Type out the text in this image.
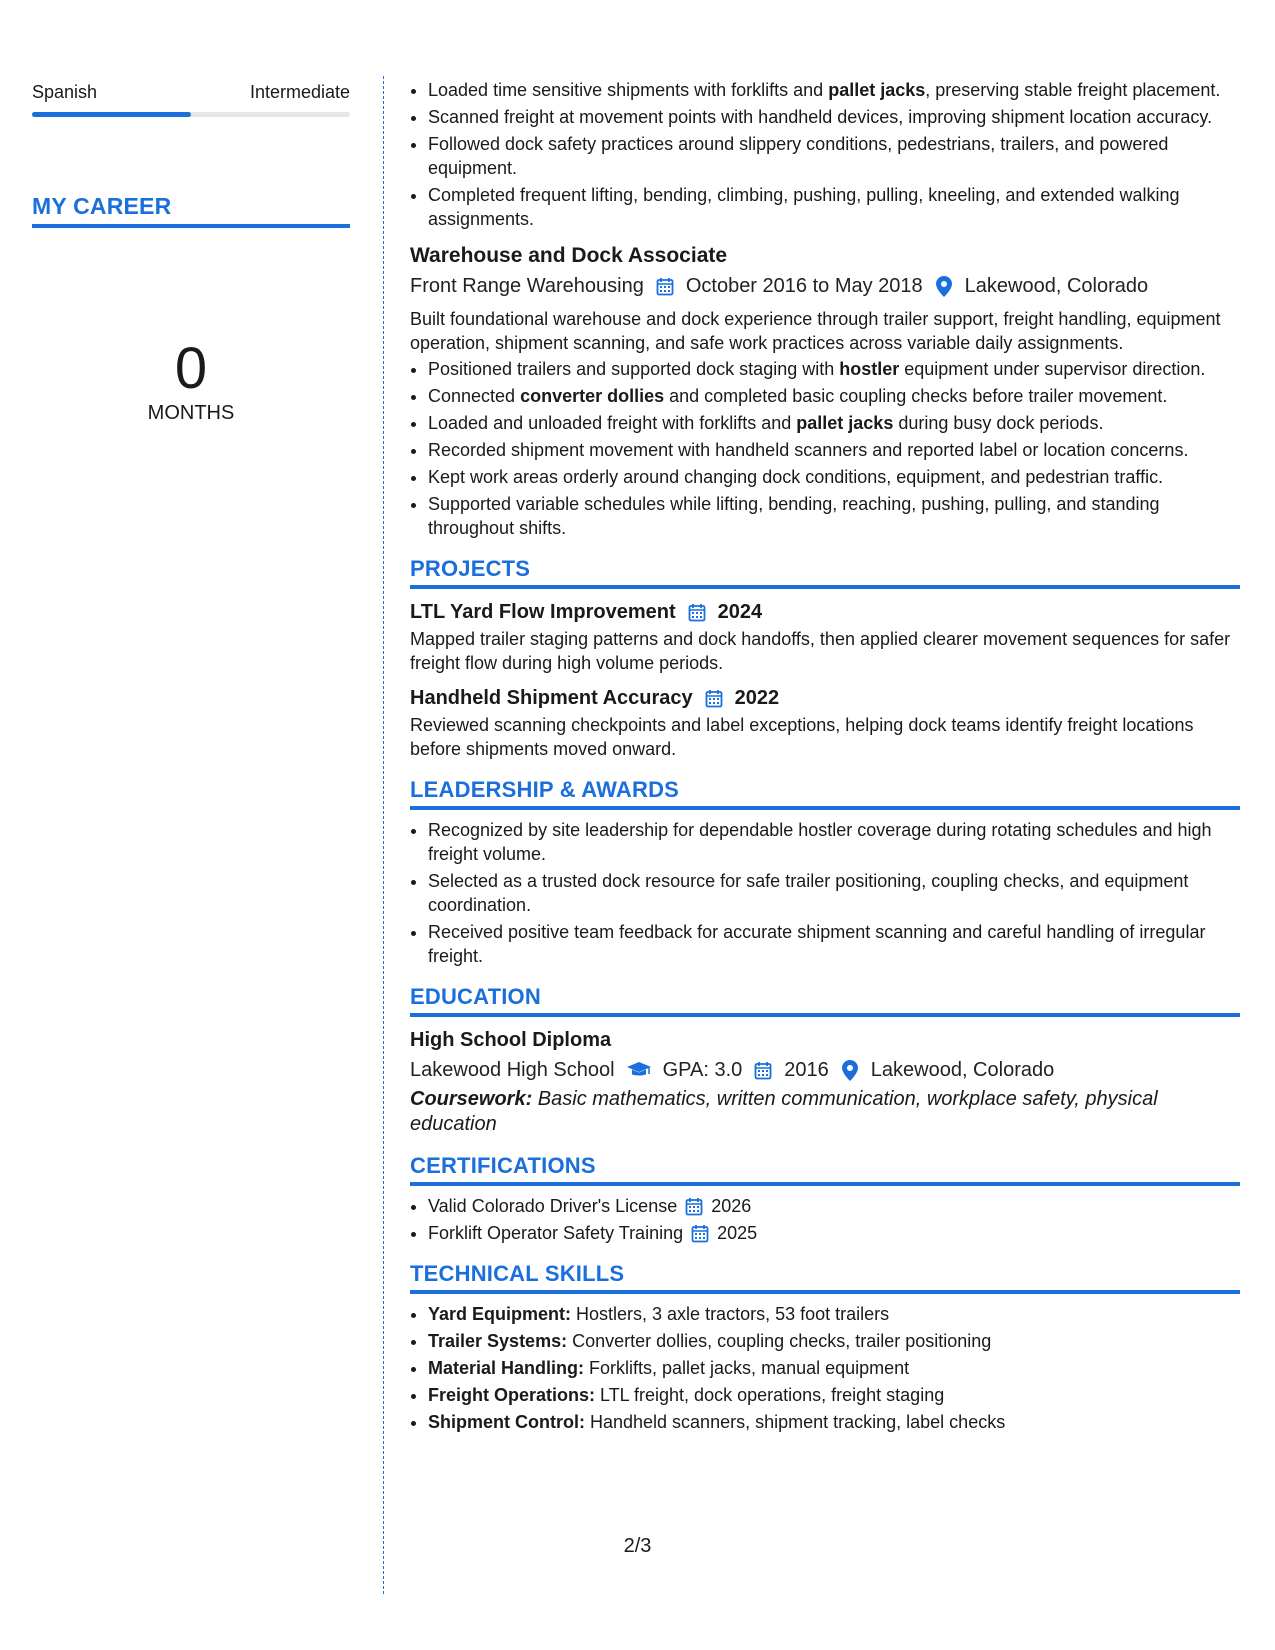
Spanish	Intermediate
MY CAREER
0
MONTHS
• Loaded time sensitive shipments with forklifts and pallet jacks, preserving stable freight placement.
• Scanned freight at movement points with handheld devices, improving shipment location accuracy.
• Followed dock safety practices around slippery conditions, pedestrians, trailers, and powered equipment.
• Completed frequent lifting, bending, climbing, pushing, pulling, kneeling, and extended walking assignments.
Warehouse and Dock Associate
Front Range Warehousing October 2016 to May 2018 Lakewood, Colorado
Built foundational warehouse and dock experience through trailer support, freight handling, equipment operation, shipment scanning, and safe work practices across variable daily assignments.
• Positioned trailers and supported dock staging with hostler equipment under supervisor direction.
• Connected converter dollies and completed basic coupling checks before trailer movement.
• Loaded and unloaded freight with forklifts and pallet jacks during busy dock periods.
• Recorded shipment movement with handheld scanners and reported label or location concerns.
• Kept work areas orderly around changing dock conditions, equipment, and pedestrian traffic.
• Supported variable schedules while lifting, bending, reaching, pushing, pulling, and standing throughout shifts.
PROJECTS
LTL Yard Flow Improvement 2024
Mapped trailer staging patterns and dock handoffs, then applied clearer movement sequences for safer freight flow during high volume periods.
Handheld Shipment Accuracy 2022
Reviewed scanning checkpoints and label exceptions, helping dock teams identify freight locations before shipments moved onward.
LEADERSHIP & AWARDS
• Recognized by site leadership for dependable hostler coverage during rotating schedules and high freight volume.
• Selected as a trusted dock resource for safe trailer positioning, coupling checks, and equipment coordination.
• Received positive team feedback for accurate shipment scanning and careful handling of irregular freight.
EDUCATION
High School Diploma
Lakewood High School GPA: 3.0 2016 Lakewood, Colorado
Coursework: Basic mathematics, written communication, workplace safety, physical education
CERTIFICATIONS
• Valid Colorado Driver's License 2026
• Forklift Operator Safety Training 2025
TECHNICAL SKILLS
• Yard Equipment: Hostlers, 3 axle tractors, 53 foot trailers
• Trailer Systems: Converter dollies, coupling checks, trailer positioning
• Material Handling: Forklifts, pallet jacks, manual equipment
• Freight Operations: LTL freight, dock operations, freight staging
• Shipment Control: Handheld scanners, shipment tracking, label checks
2/3
